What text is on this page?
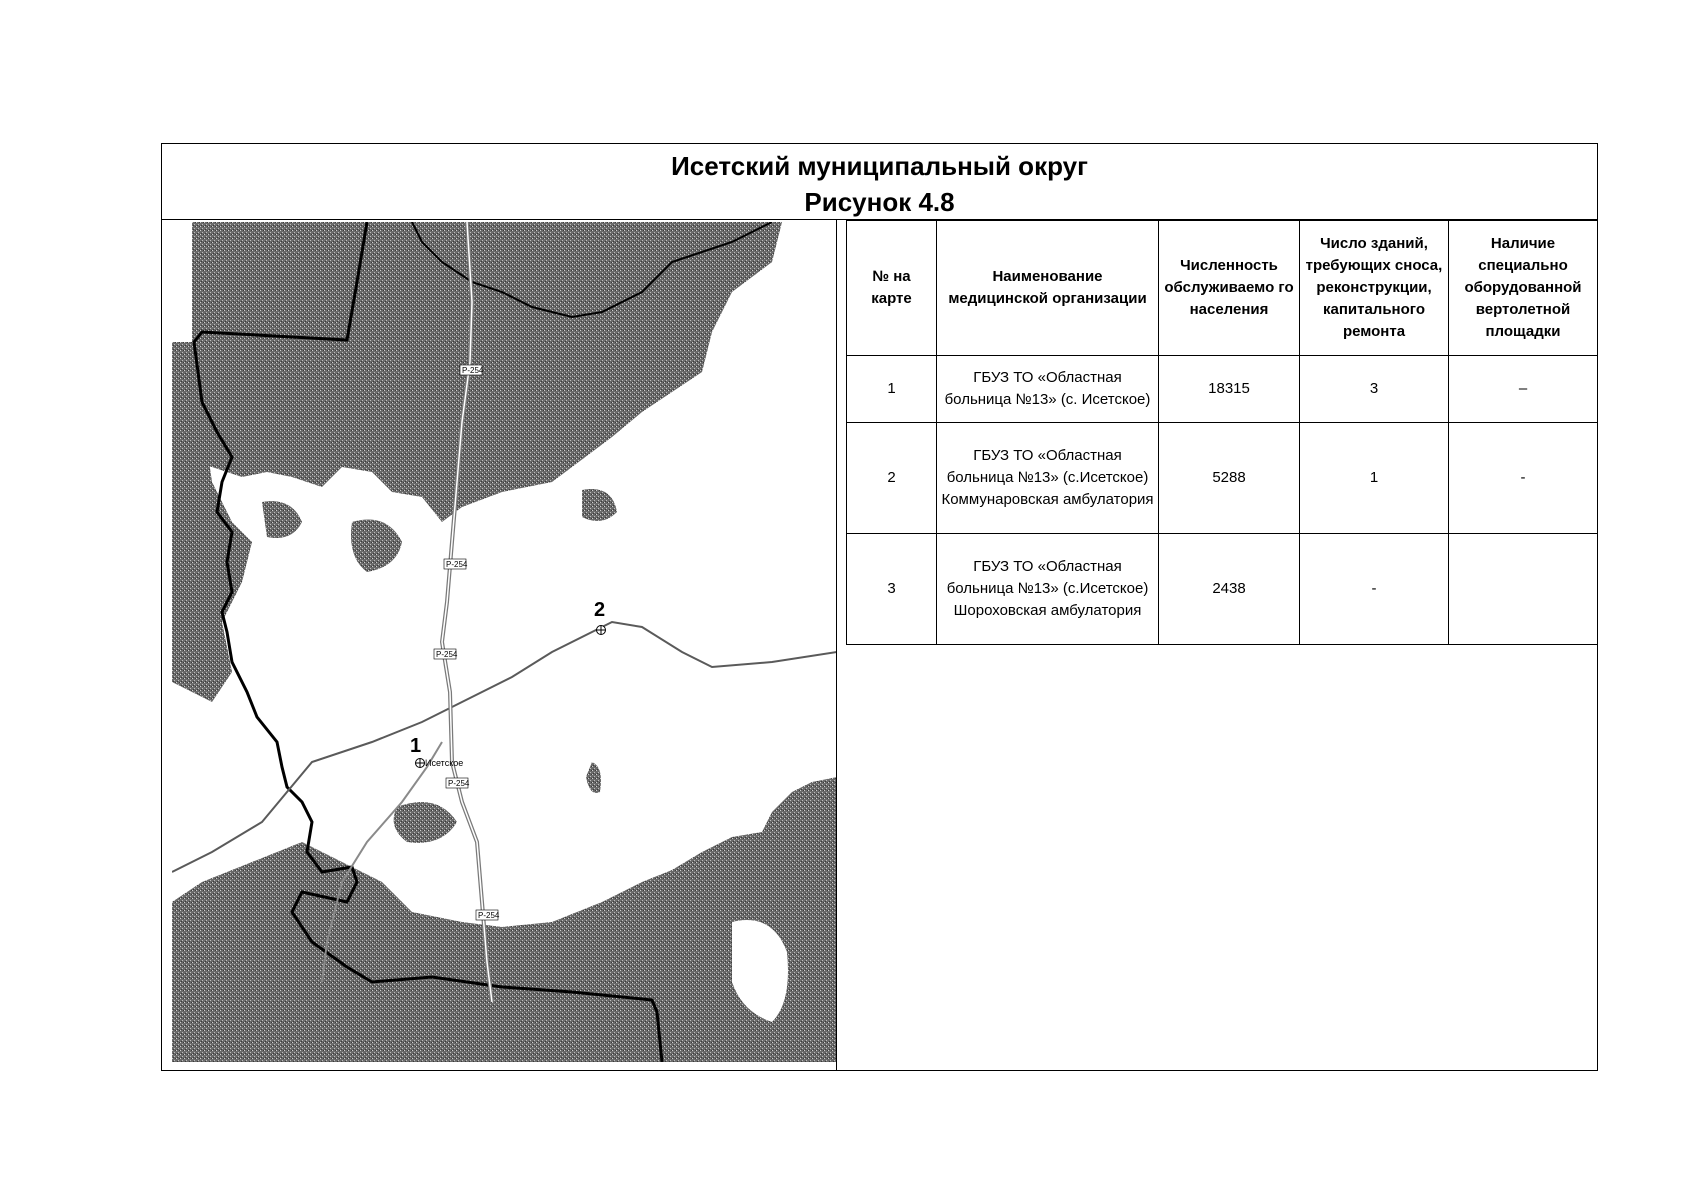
Исетский муниципальный округ
Рисунок 4.8
Р-254
Р-254
Р-254
Р-254
Р-254
1
Исетское
2
№ на карте	Наименование медицинской организации	Численность обслуживаемо го населения	Число зданий, требующих сноса, реконструкции, капитального ремонта	Наличие специально оборудованной вертолетной площадки
1	ГБУЗ ТО «Областная больница №13» (с. Исетское)	18315	3	–
2	ГБУЗ ТО «Областная больница №13» (с.Исетское) Коммунаровская амбулатория	5288	1	-
3	ГБУЗ ТО «Областная больница №13» (с.Исетское) Шороховская амбулатория	2438	-	
